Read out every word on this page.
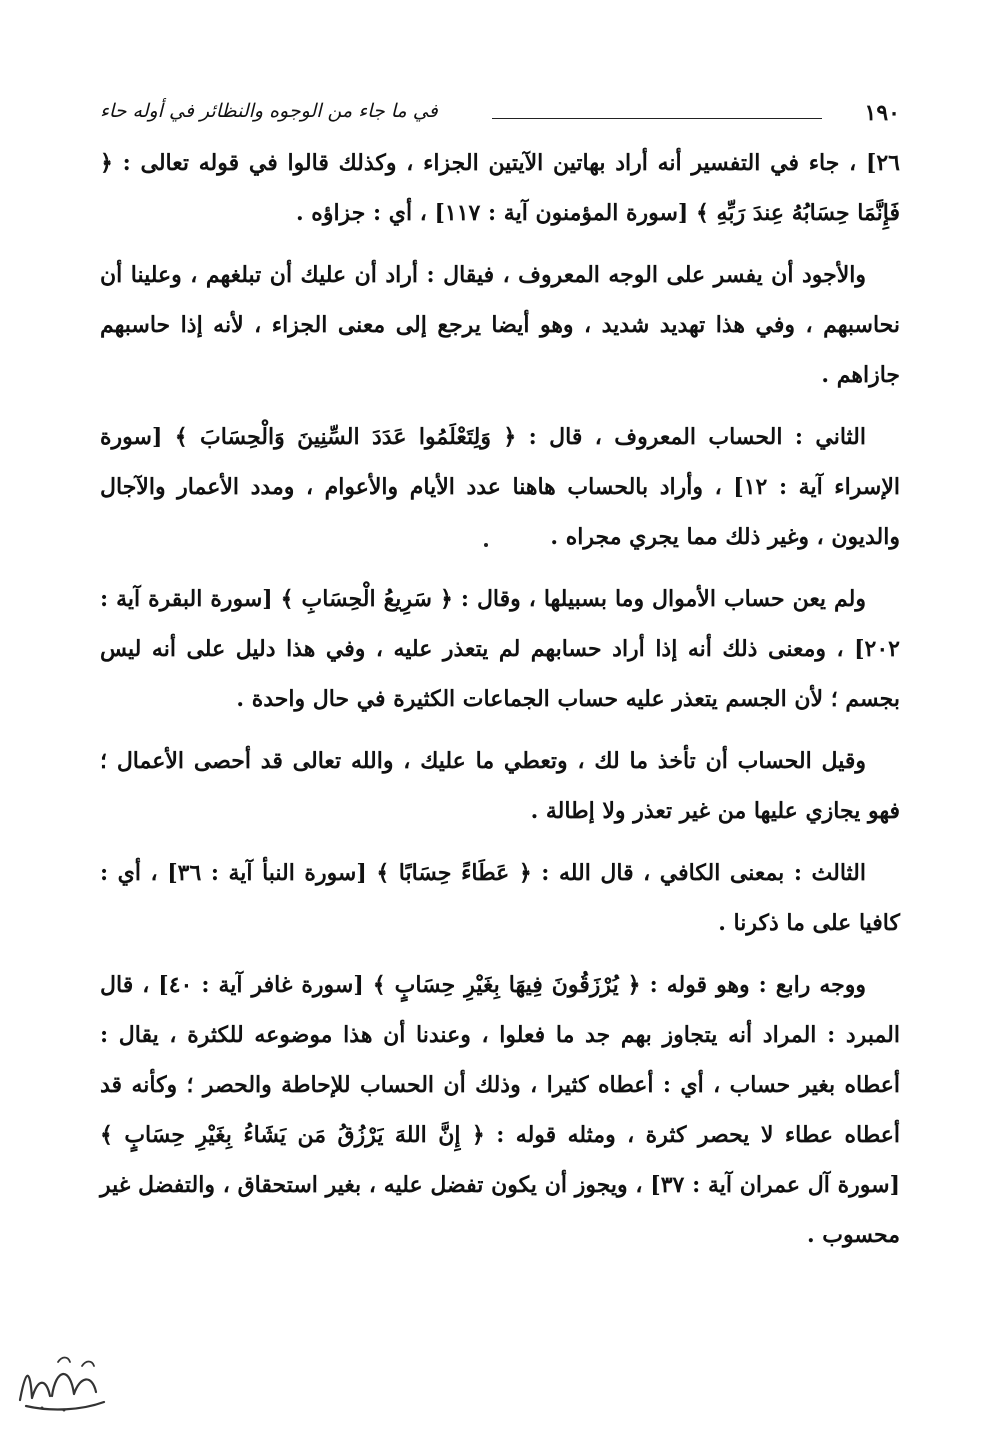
١٩٠
في ما جاء من الوجوه والنظائر في أوله حاء

٢٦] ، جاء في التفسير أنه أراد بهاتين الآيتين الجزاء ، وكذلك قالوا في قوله تعالى : ﴿ فَإِنَّمَا حِسَابُهُ عِندَ رَبِّهِ ﴾ [سورة المؤمنون آية : ١١٧] ، أي : جزاؤه .

والأجود أن يفسر على الوجه المعروف ، فيقال : أراد أن عليك أن تبلغهم ، وعلينا أن نحاسبهم ، وفي هذا تهديد شديد ، وهو أيضا يرجع إلى معنى الجزاء ، لأنه إذا حاسبهم جازاهم .

الثاني : الحساب المعروف ، قال : ﴿ وَلِتَعْلَمُوا عَدَدَ السِّنِينَ وَالْحِسَابَ ﴾ [سورة الإسراء آية : ١٢] ، وأراد بالحساب هاهنا عدد الأيام والأعوام ، ومدد الأعمار والآجال والديون ، وغير ذلك مما يجري مجراه .

ولم يعن حساب الأموال وما بسبيلها ، وقال : ﴿ سَرِيعُ الْحِسَابِ ﴾ [سورة البقرة آية : ٢٠٢] ، ومعنى ذلك أنه إذا أراد حسابهم لم يتعذر عليه ، وفي هذا دليل على أنه ليس بجسم ؛ لأن الجسم يتعذر عليه حساب الجماعات الكثيرة في حال واحدة .

وقيل الحساب أن تأخذ ما لك ، وتعطي ما عليك ، والله تعالى قد أحصى الأعمال ؛ فهو يجازي عليها من غير تعذر ولا إطالة .

الثالث : بمعنى الكافي ، قال الله : ﴿ عَطَاءً حِسَابًا ﴾ [سورة النبأ آية : ٣٦] ، أي : كافيا على ما ذكرنا .

ووجه رابع : وهو قوله : ﴿ يُرْزَقُونَ فِيهَا بِغَيْرِ حِسَابٍ ﴾ [سورة غافر آية : ٤٠] ، قال المبرد : المراد أنه يتجاوز بهم جد ما فعلوا ، وعندنا أن هذا موضوعه للكثرة ، يقال : أعطاه بغير حساب ، أي : أعطاه كثيرا ، وذلك أن الحساب للإحاطة والحصر ؛ وكأنه قد أعطاه عطاء لا يحصر كثرة ، ومثله قوله : ﴿ إِنَّ اللهَ يَرْزُقُ مَن يَشَاءُ بِغَيْرِ حِسَابٍ ﴾ [سورة آل عمران آية : ٣٧] ، ويجوز أن يكون تفضل عليه ، بغير استحقاق ، والتفضل غير محسوب .
